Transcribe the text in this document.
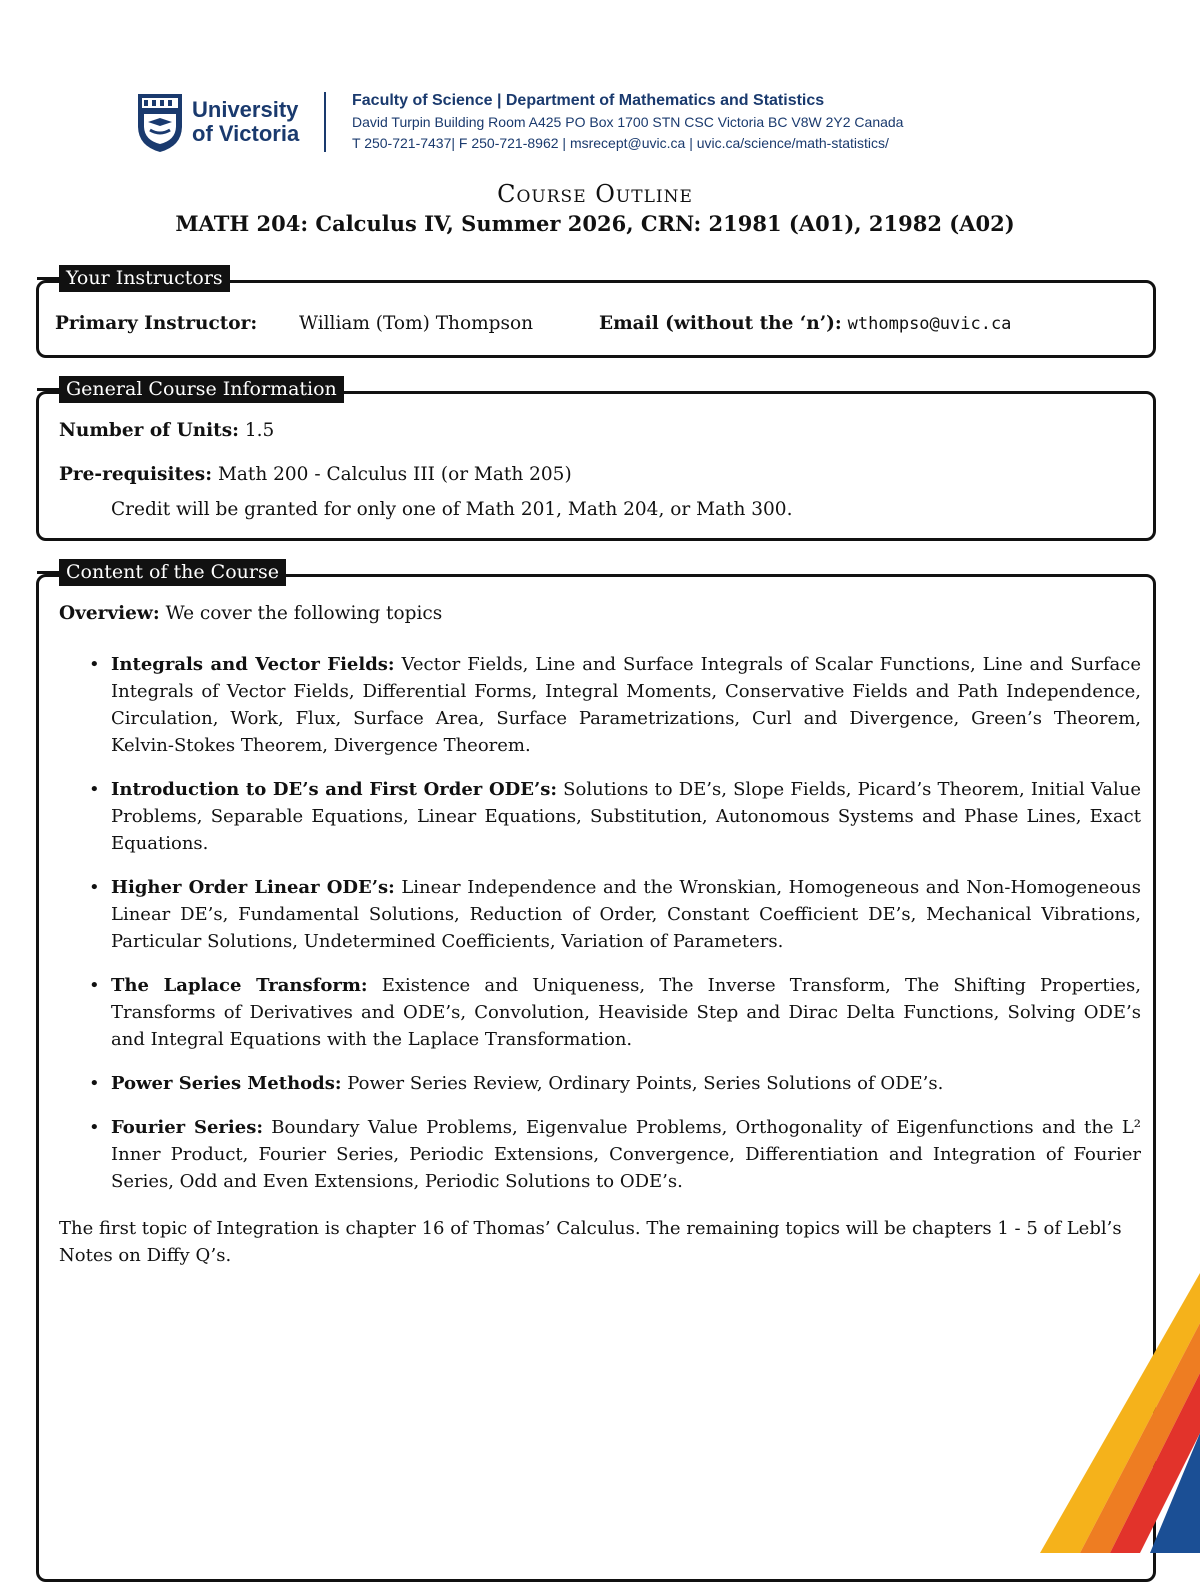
University
of Victoria
Faculty of Science | Department of Mathematics and Statistics
David Turpin Building Room A425 PO Box 1700 STN CSC Victoria BC V8W 2Y2 Canada
T 250-721-7437| F 250-721-8962 | msrecept@uvic.ca | uvic.ca/science/math-statistics/
Course Outline
MATH 204: Calculus IV, Summer 2026, CRN: 21981 (A01), 21982 (A02)
Your Instructors
Primary Instructor: William (Tom) Thompson	Email (without the ‘n’): wthompso@uvic.ca
General Course Information
Number of Units: 1.5
Pre-requisites: Math 200 - Calculus III (or Math 205)
Credit will be granted for only one of Math 201, Math 204, or Math 300.
Content of the Course
Overview: We cover the following topics
• Integrals and Vector Fields: Vector Fields, Line and Surface Integrals of Scalar Functions, Line and Surface Integrals of Vector Fields, Differential Forms, Integral Moments, Conservative Fields and Path Independence, Circulation, Work, Flux, Surface Area, Surface Parametrizations, Curl and Divergence, Green’s Theorem, Kelvin-Stokes Theorem, Divergence Theorem.
• Introduction to DE’s and First Order ODE’s: Solutions to DE’s, Slope Fields, Picard’s Theorem, Initial Value Problems, Separable Equations, Linear Equations, Substitution, Autonomous Systems and Phase Lines, Exact Equations.
• Higher Order Linear ODE’s: Linear Independence and the Wronskian, Homogeneous and Non-Homogeneous Linear DE’s, Fundamental Solutions, Reduction of Order, Constant Coefficient DE’s, Mechanical Vibrations, Particular Solutions, Undetermined Coefficients, Variation of Parameters.
• The Laplace Transform: Existence and Uniqueness, The Inverse Transform, The Shifting Properties, Transforms of Derivatives and ODE’s, Convolution, Heaviside Step and Dirac Delta Functions, Solving ODE’s and Integral Equations with the Laplace Transformation.
• Power Series Methods: Power Series Review, Ordinary Points, Series Solutions of ODE’s.
• Fourier Series: Boundary Value Problems, Eigenvalue Problems, Orthogonality of Eigenfunctions and the L² Inner Product, Fourier Series, Periodic Extensions, Convergence, Differentiation and Integration of Fourier Series, Odd and Even Extensions, Periodic Solutions to ODE’s.
The first topic of Integration is chapter 16 of Thomas’ Calculus. The remaining topics will be chapters 1 - 5 of Lebl’s Notes on Diffy Q’s.
